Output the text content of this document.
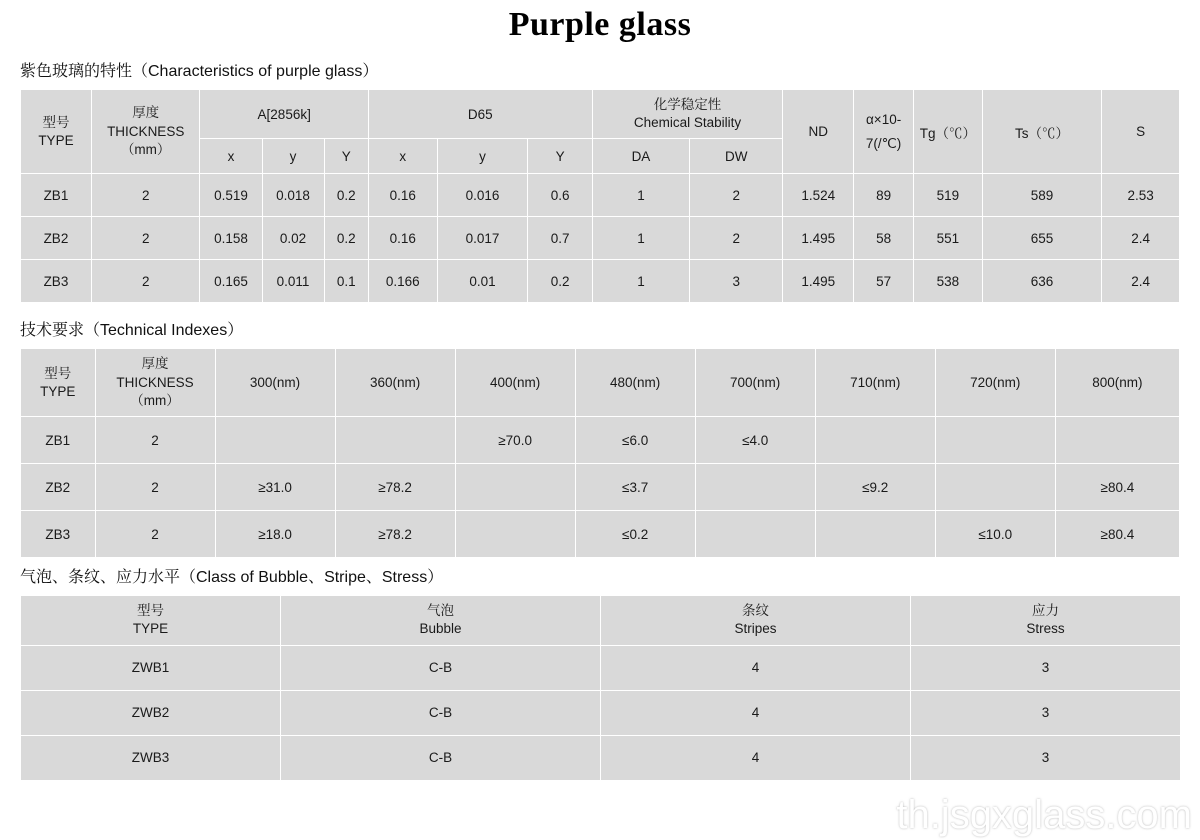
Purple glass
紫色玻璃的特性（Characteristics of purple glass）
型号
TYPE

厚度
THICKNESS
（mm）
	A[2856k]	D65	
化学稳定性
Chemical Stability
	ND	
α×10-
7(/℃)
	Tg（℃）	Ts（℃）	S
		x	y	Y	x	y	Y	DA	DW					
ZB1	2	0.519	0.018	0.2	0.16	0.016	0.6	1	2	1.524	89	519	589	2.53
ZB2	2	0.158	0.02	0.2	0.16	0.017	0.7	1	2	1.495	58	551	655	2.4
ZB3	2	0.165	0.011	0.1	0.166	0.01	0.2	1	3	1.495	57	538	636	2.4
技术要求（Technical Indexes）
型号
TYPE

厚度
THICKNESS
（mm）
	300(nm)	360(nm)	400(nm)	480(nm)	700(nm)	710(nm)	720(nm)	800(nm)
ZB1	2			≥70.0	≤6.0	≤4.0			
ZB2	2	≥31.0	≥78.2		≤3.7		≤9.2		≥80.4
ZB3	2	≥18.0	≥78.2		≤0.2			≤10.0	≥80.4
气泡、条纹、应力水平（Class of Bubble、Stripe、Stress）
型号
TYPE

气泡
Bubble

条纹
Stripes

应力
Stress

ZWB1	C-B	4	3
ZWB2	C-B	4	3
ZWB3	C-B	4	3
th.jsgxglass.com
